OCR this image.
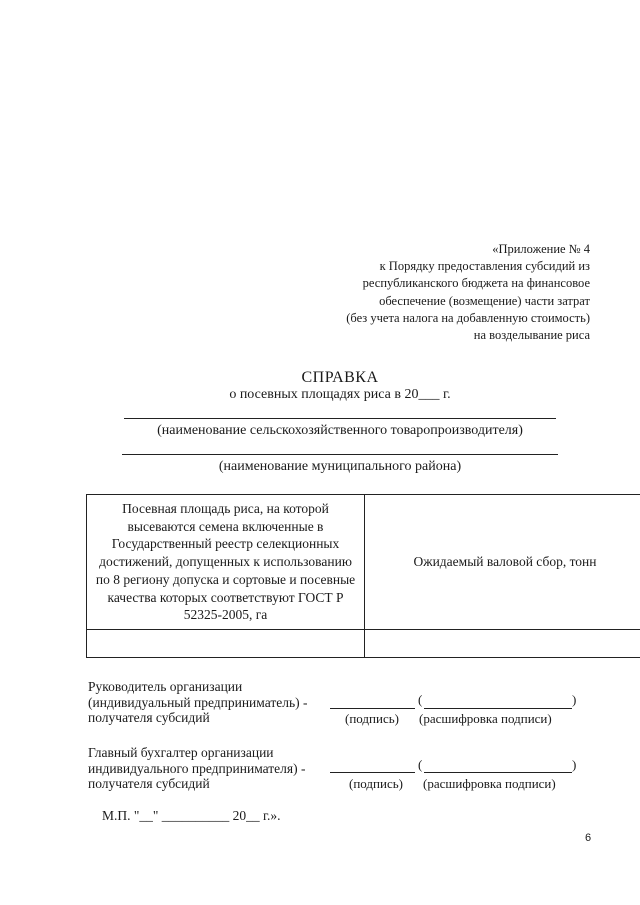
«Приложение № 4
к Порядку предоставления субсидий из
республиканского бюджета на финансовое
обеспечение (возмещение) части затрат
(без учета налога на добавленную стоимость)
на возделывание риса
СПРАВКА
о посевных площадях риса в 20___ г.
(наименование сельскохозяйственного товаропроизводителя)
(наименование муниципального района)
Посевная площадь риса, на которой высеваются семена включенные в Государственный реестр селекционных достижений, допущенных к использованию по 8 региону допуска и сортовые и посевные качества которых соответствуют ГОСТ Р 52325-2005, га	Ожидаемый валовой сбор, тонн

Руководитель организации
(индивидуальный предприниматель) -
получателя субсидий
(	)
(подпись) (расшифровка подписи)
Главный бухгалтер организации
индивидуального предпринимателя) -
получателя субсидий
(	)
(подпись) (расшифровка подписи)
М.П. "__" __________ 20__ г.».
6
